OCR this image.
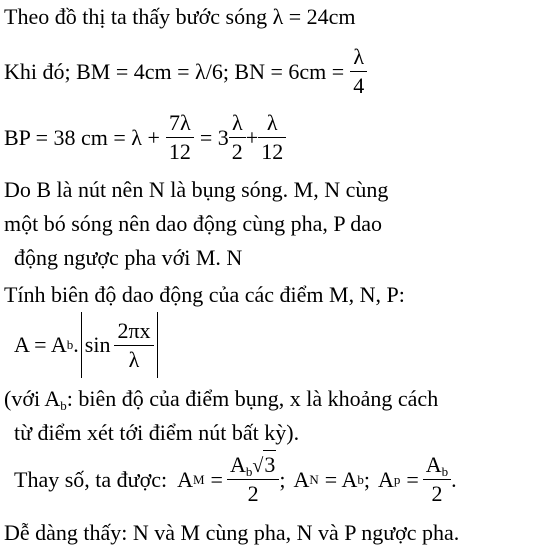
Theo đồ thị ta thấy bước sóng λ = 24cm
Khi đó; BM = 4cm = λ/6; BN = $6cm = \frac{\lambda}{4}$
BP = 38 cm = $\lambda + \frac{7\lambda}{12} = 3 \frac{\lambda}{2} + \frac{\lambda}{12}$
Do B là nút nên N là bụng sóng. M, N cùng
một bó sóng nên dao động cùng pha, P dao
động ngược pha với M. N
Tính biên độ dao động của các điểm M, N, P:
A = A b . $\sin \frac{2\pi x}{\lambda}$
(với $A_b$: biên độ của điểm bụng, x là khoảng cách
từ điểm xét tới điểm nút bất kỳ).
Thay số, ta được: A $M = \frac{A_b √ 3}{2}$ ; A N = A b ; A $p = \frac{A_b}{2}$ .
Dễ dàng thấy: N và M cùng pha, N và P ngược pha.
